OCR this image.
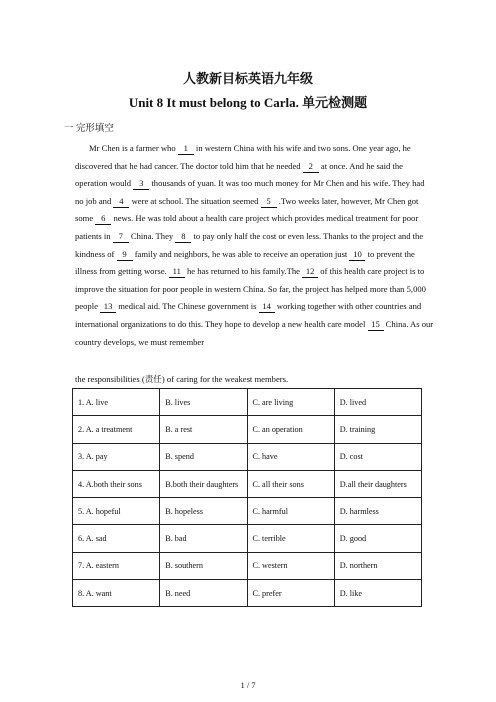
人教新目标英语九年级
Unit 8 It must belong to Carla. 单元检测题
一 完形填空

Mr Chen is a farmer who 1 in western China with his wife and two sons. One year ago, he discovered that he had cancer. The doctor told him that he needed 2 at once. And he said the operation would 3 thousands of yuan. It was too much money for Mr Chen and his wife. They had no job and 4 were at school. The situation seemed 5 .Two weeks later, however, Mr Chen got some 6 news. He was told about a health care project which provides medical treatment for poor patients in 7 China. They 8 to pay only half the cost or even less. Thanks to the project and the kindness of 9 family and neighbors, he was able to receive an operation just 10 to prevent the illness from getting worse. 11 he has returned to his family.The 12 of this health care project is to improve the situation for poor people in western China. So far, the project has helped more than 5,000 people 13 medical aid. The Chinese government is 14 working together with other countries and international organizations to do this. They hope to develop a new health care model 15 China. As our country develops, we must remember

the responsibilities (责任) of caring for the weakest members.
1. A. live	B. lives	C. are living	D. lived
2. A. a treatment	B. a rest	C. an operation	D. training
3. A. pay	B. spend	C. have	D. cost
4. A.both their sons	B.both their daughters	C. all their sons	D.all their daughters
5. A. hopeful	B. hopeless	C. harmful	D. harmless
6. A. sad	B. bad	C. terrible	D. good
7. A. eastern	B. southern	C. western	D. northern
8. A. want	B. need	C. prefer	D. like
1 / 7
